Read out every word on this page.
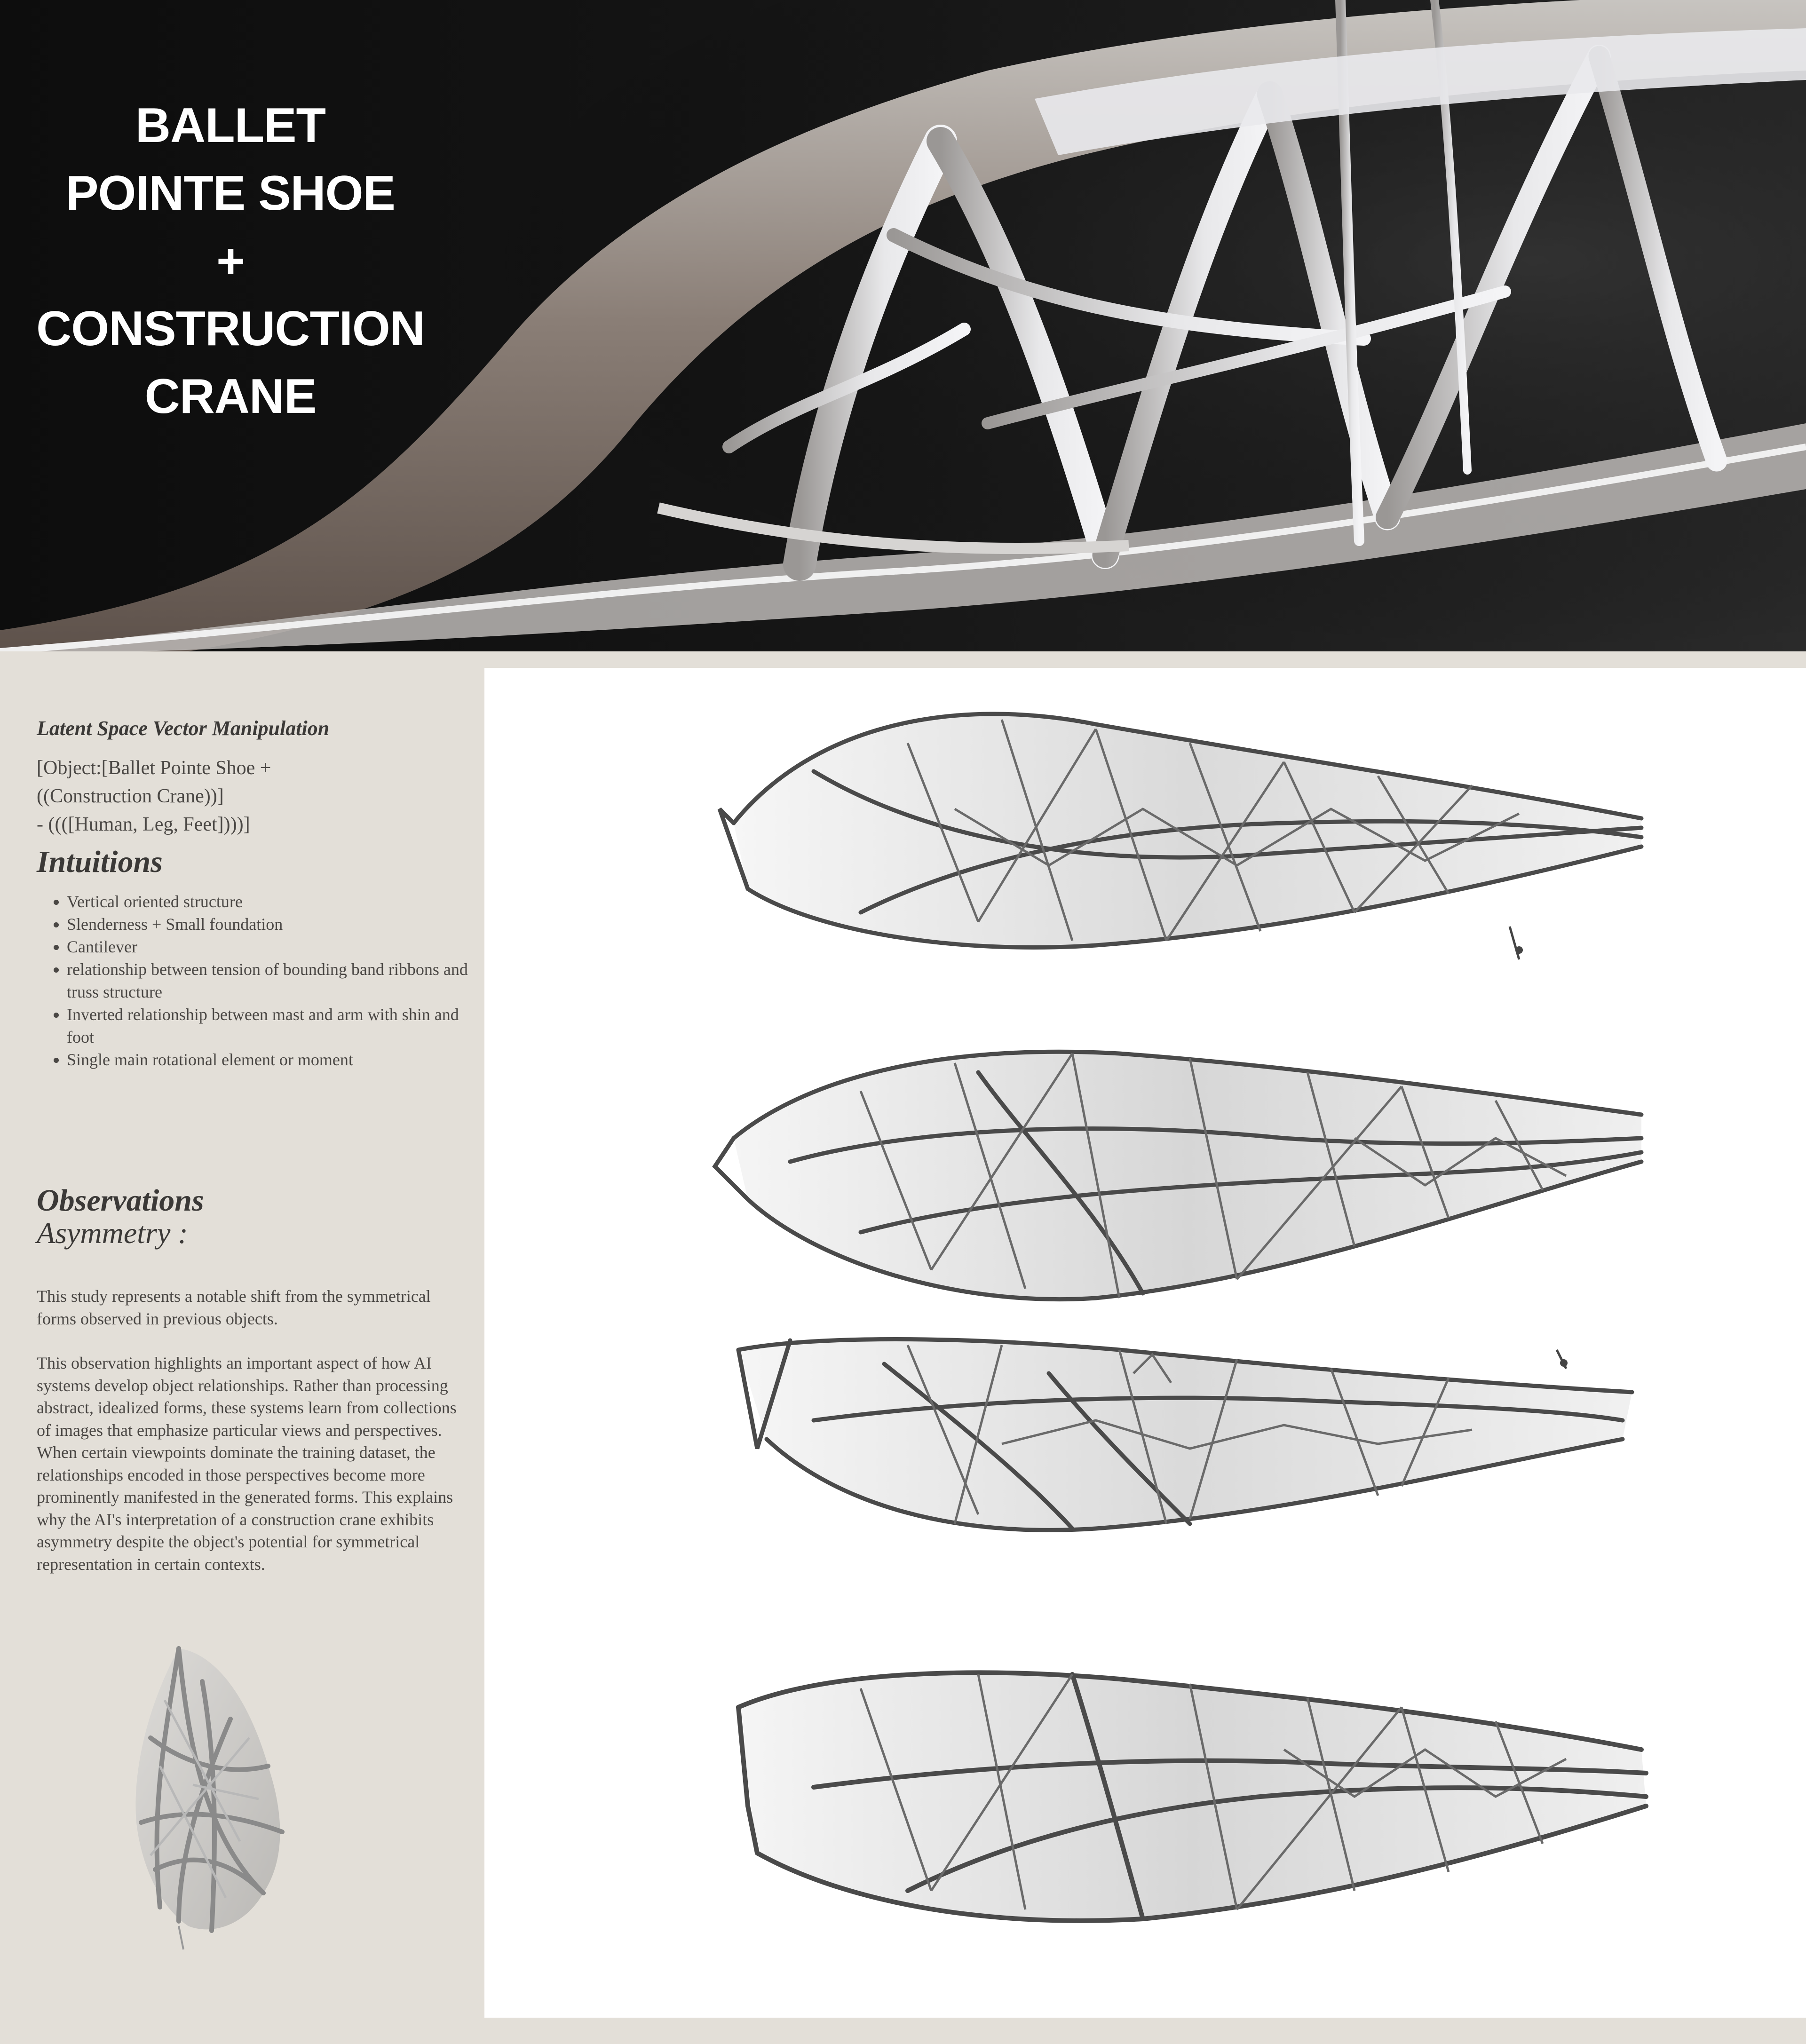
BALLET
POINTE SHOE
+
CONSTRUCTION
CRANE
Latent Space Vector Manipulation
[Object:[Ballet Pointe Shoe +
((Construction Crane))]
- ((([Human, Leg, Feet])))]
Intuitions
• Vertical oriented structure
• Slenderness + Small foundation
• Cantilever
• relationship between tension of bounding band ribbons and truss structure
• Inverted relationship between mast and arm with shin and foot
• Single main rotational element or moment
Observations
Asymmetry :
This study represents a notable shift from the symmetrical forms observed in previous objects.
This observation highlights an important aspect of how AI systems develop object relationships. Rather than processing abstract, idealized forms, these systems learn from collections of images that emphasize particular views and perspectives. When certain viewpoints dominate the training dataset, the relationships encoded in those perspectives become more prominently manifested in the generated forms. This explains why the AI's interpretation of a construction crane exhibits asymmetry despite the object's potential for symmetrical representation in certain contexts.
